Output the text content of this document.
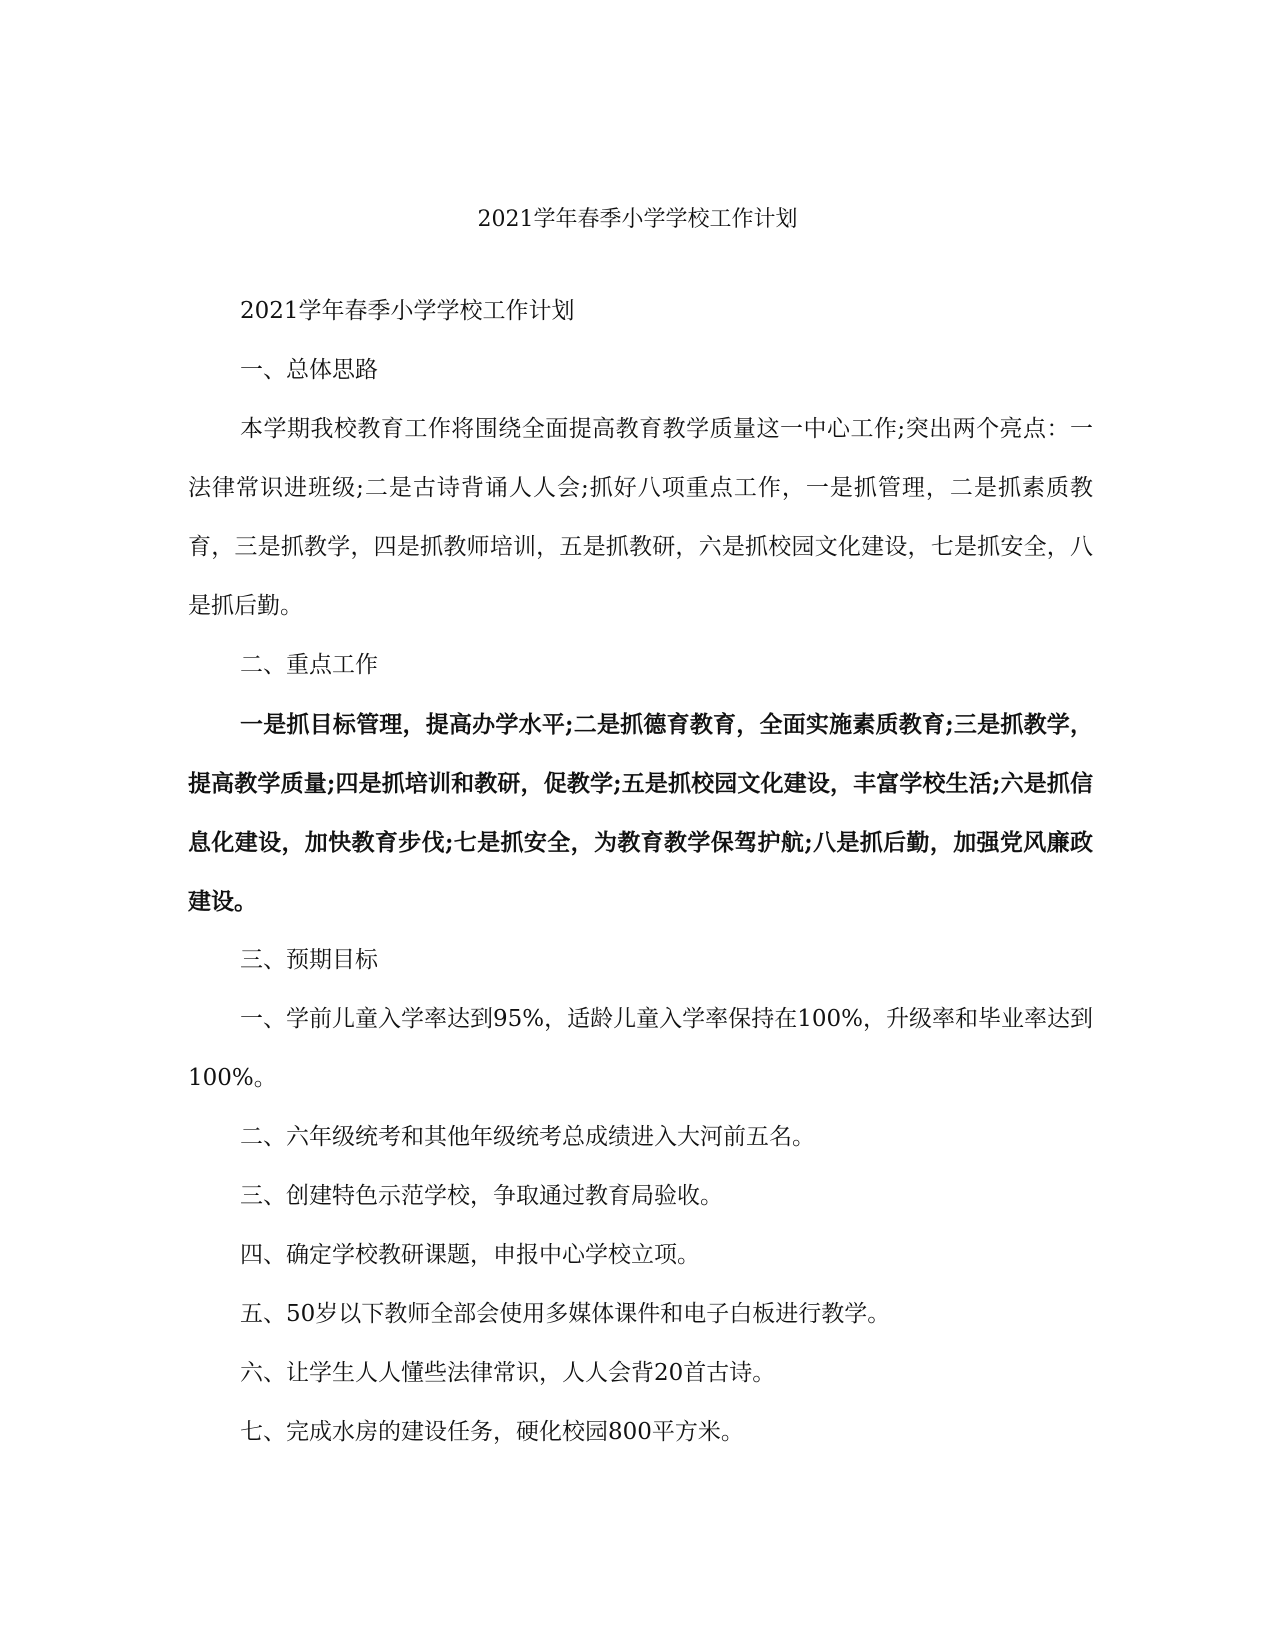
2021学年春季小学学校工作计划

2021学年春季小学学校工作计划

一、总体思路

本学期我校教育工作将围绕全面提高教育教学质量这一中心工作;突出两个亮点：一法律常识进班级;二是古诗背诵人人会;抓好八项重点工作，一是抓管理，二是抓素质教育，三是抓教学，四是抓教师培训，五是抓教研，六是抓校园文化建设，七是抓安全，八是抓后勤。

二、重点工作

一是抓目标管理，提高办学水平;二是抓德育教育，全面实施素质教育;三是抓教学，提高教学质量;四是抓培训和教研，促教学;五是抓校园文化建设，丰富学校生活;六是抓信息化建设，加快教育步伐;七是抓安全，为教育教学保驾护航;八是抓后勤，加强党风廉政建设。

三、预期目标

一、学前儿童入学率达到95%，适龄儿童入学率保持在100%，升级率和毕业率达到100%。

二、六年级统考和其他年级统考总成绩进入大河前五名。

三、创建特色示范学校，争取通过教育局验收。

四、确定学校教研课题，申报中心学校立项。

五、50岁以下教师全部会使用多媒体课件和电子白板进行教学。

六、让学生人人懂些法律常识，人人会背20首古诗。

七、完成水房的建设任务，硬化校园800平方米。
